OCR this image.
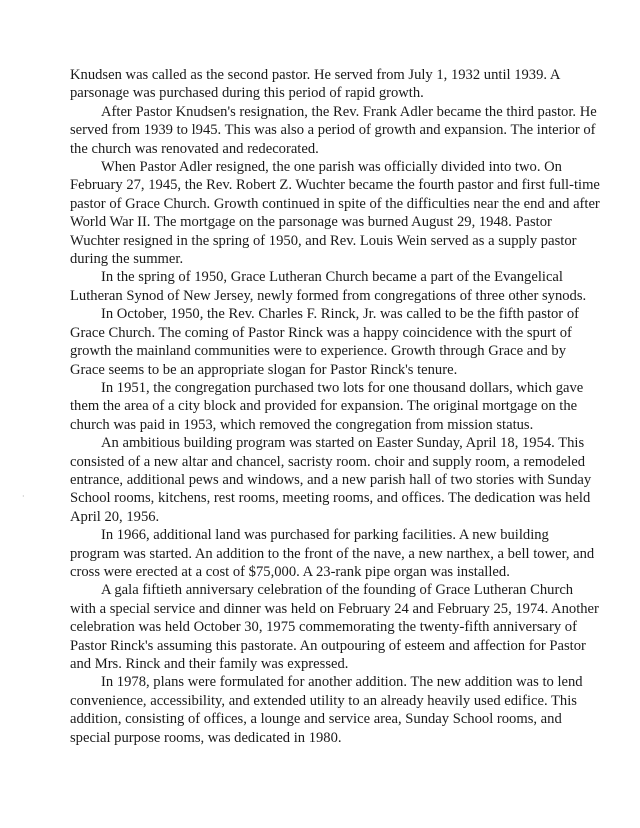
Knudsen was called as the second pastor. He served from July 1, 1932 until 1939. A parsonage was purchased during this period of rapid growth.

After Pastor Knudsen's resignation, the Rev. Frank Adler became the third pastor. He served from 1939 to l945. This was also a period of growth and expansion. The interior of the church was renovated and redecorated.

When Pastor Adler resigned, the one parish was officially divided into two. On February 27, 1945, the Rev. Robert Z. Wuchter became the fourth pastor and first full-time pastor of Grace Church. Growth continued in spite of the difficulties near the end and after World War II. The mortgage on the parsonage was burned August 29, 1948. Pastor Wuchter resigned in the spring of 1950, and Rev. Louis Wein served as a supply pastor during the summer.

In the spring of 1950, Grace Lutheran Church became a part of the Evangelical Lutheran Synod of New Jersey, newly formed from congregations of three other synods.

In October, 1950, the Rev. Charles F. Rinck, Jr. was called to be the fifth pastor of Grace Church. The coming of Pastor Rinck was a happy coincidence with the spurt of growth the mainland communities were to experience. Growth through Grace and by Grace seems to be an appropriate slogan for Pastor Rinck's tenure.

In 1951, the congregation purchased two lots for one thousand dollars, which gave them the area of a city block and provided for expansion. The original mortgage on the church was paid in 1953, which removed the congregation from mission status.

An ambitious building program was started on Easter Sunday, April 18, 1954. This consisted of a new altar and chancel, sacristy room. choir and supply room, a remodeled entrance, additional pews and windows, and a new parish hall of two stories with Sunday School rooms, kitchens, rest rooms, meeting rooms, and offices. The dedication was held April 20, 1956.

In 1966, additional land was purchased for parking facilities. A new building program was started. An addition to the front of the nave, a new narthex, a bell tower, and cross were erected at a cost of $75,000. A 23-rank pipe organ was installed.

A gala fiftieth anniversary celebration of the founding of Grace Lutheran Church with a special service and dinner was held on February 24 and February 25, 1974. Another celebration was held October 30, 1975 commemorating the twenty-fifth anniversary of Pastor Rinck's assuming this pastorate. An outpouring of esteem and affection for Pastor and Mrs. Rinck and their family was expressed.

In 1978, plans were formulated for another addition. The new addition was to lend convenience, accessibility, and extended utility to an already heavily used edifice. This addition, consisting of offices, a lounge and service area, Sunday School rooms, and special purpose rooms, was dedicated in 1980.

·
